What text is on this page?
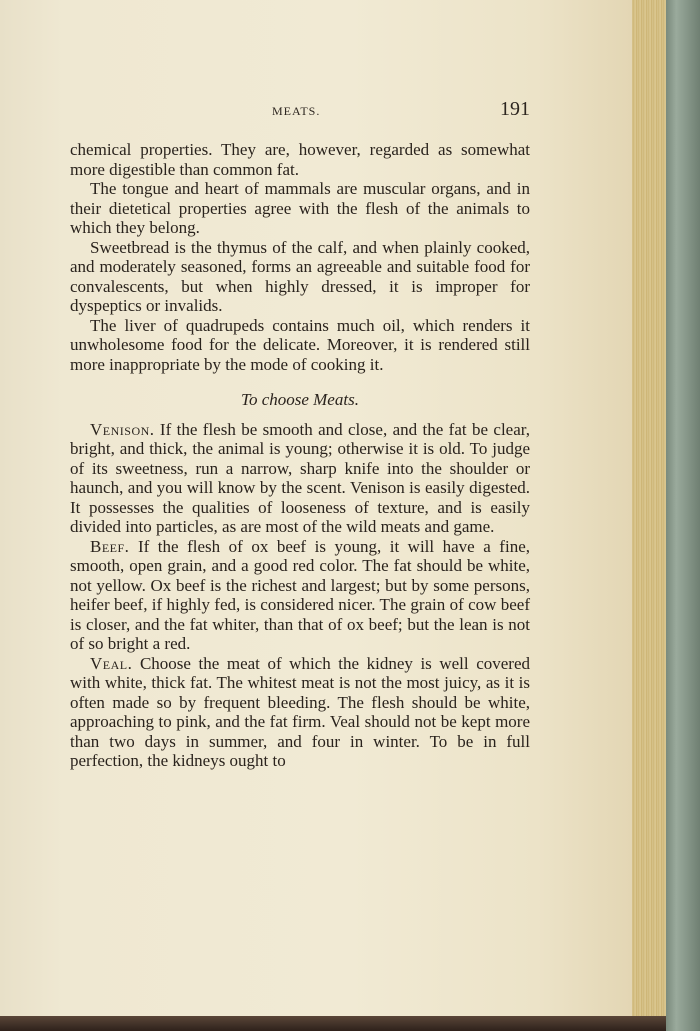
MEATS.	191

chemical properties. They are, however, regarded as somewhat more digestible than common fat.

The tongue and heart of mammals are muscular organs, and in their dietetical properties agree with the flesh of the animals to which they belong.

Sweetbread is the thymus of the calf, and when plainly cooked, and moderately seasoned, forms an agreeable and suitable food for convalescents, but when highly dressed, it is improper for dyspeptics or invalids.

The liver of quadrupeds contains much oil, which renders it unwholesome food for the delicate. Moreover, it is rendered still more inappropriate by the mode of cooking it.

To choose Meats.

Venison. If the flesh be smooth and close, and the fat be clear, bright, and thick, the animal is young; otherwise it is old. To judge of its sweetness, run a narrow, sharp knife into the shoulder or haunch, and you will know by the scent. Venison is easily digested. It possesses the qualities of looseness of texture, and is easily divided into particles, as are most of the wild meats and game.

Beef. If the flesh of ox beef is young, it will have a fine, smooth, open grain, and a good red color. The fat should be white, not yellow. Ox beef is the richest and largest; but by some persons, heifer beef, if highly fed, is considered nicer. The grain of cow beef is closer, and the fat whiter, than that of ox beef; but the lean is not of so bright a red.

Veal. Choose the meat of which the kidney is well covered with white, thick fat. The whitest meat is not the most juicy, as it is often made so by frequent bleeding. The flesh should be white, approaching to pink, and the fat firm. Veal should not be kept more than two days in summer, and four in winter. To be in full perfection, the kidneys ought to
